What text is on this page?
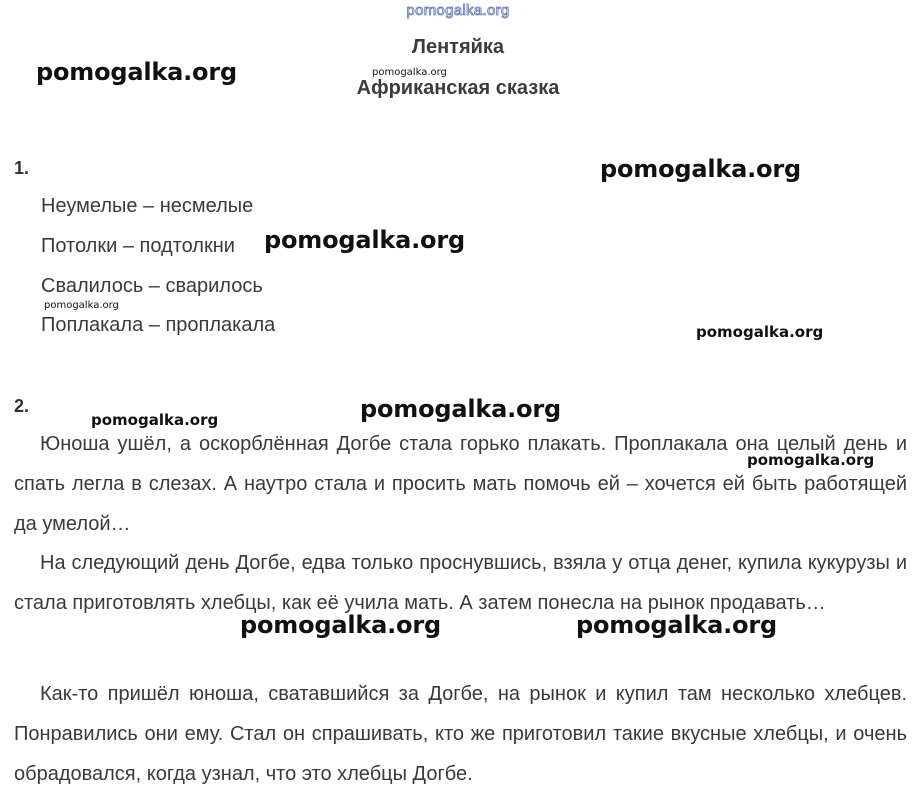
pomogalka.org
Лентяйка
Африканская сказка
1.
Неумелые – несмелые
Потолки – подтолкни
Свалилось – сварилось
Поплакала – проплакала
2.
Юноша ушёл, а оскорблённая Догбе стала горько плакать. Проплакала она целый день и спать легла в слезах. А наутро стала и просить мать помочь ей – хочется ей быть работящей да умелой…
На следующий день Догбе, едва только проснувшись, взяла у отца денег, купила кукурузы и стала приготовлять хлебцы, как её учила мать. А затем понесла на рынок продавать…
Как-то пришёл юноша, сватавшийся за Догбе, на рынок и купил там несколько хлебцев. Понравились они ему. Стал он спрашивать, кто же приготовил такие вкусные хлебцы, и очень обрадовался, когда узнал, что это хлебцы Догбе.
pomogalka.org	pomogalka.org
pomogalka.org
pomogalka.org
pomogalka.org
pomogalka.org
pomogalka.org	pomogalka.org
pomogalka.org
pomogalka.org	pomogalka.org
